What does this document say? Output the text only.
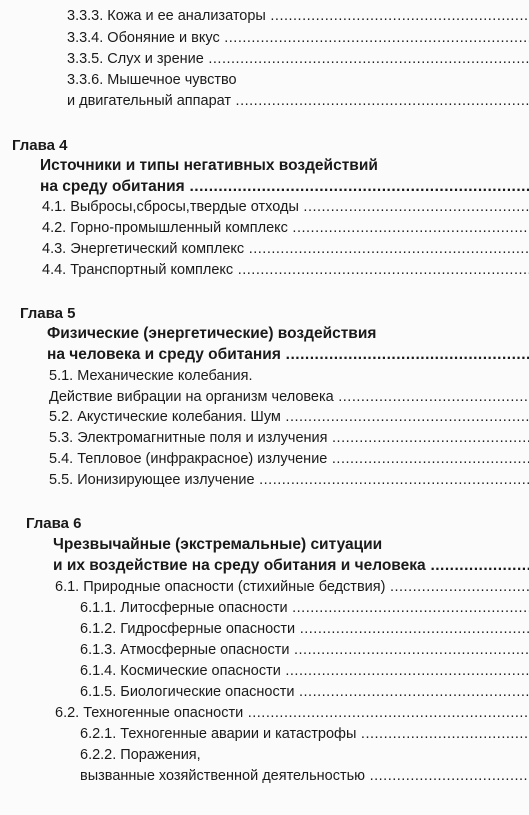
3.3.3. Кожа и ее анализаторы .....
3.3.4. Обоняние и вкус .....
3.3.5. Слух и зрение .....
3.3.6. Мышечное чувство
и двигательный аппарат .....
Глава 4
Источники и типы негативных воздействий
на среду обитания .....
4.1. Выбросы,сбросы,твердые отходы .....
4.2. Горно-промышленный комплекс .....
4.3. Энергетический комплекс .....
4.4. Транспортный комплекс .....
Глава 5
Физические (энергетические) воздействия
на человека и среду обитания .....
5.1. Механические колебания.
Действие вибрации на организм человека .....
5.2. Акустические колебания. Шум .....
5.3. Электромагнитные поля и излучения .....
5.4. Тепловое (инфракрасное) излучение .....
5.5. Ионизирующее излучение .....
Глава 6
Чрезвычайные (экстремальные) ситуации
и их воздействие на среду обитания и человека .....
6.1. Природные опасности (стихийные бедствия) .....
6.1.1. Литосферные опасности .....
6.1.2. Гидросферные опасности .....
6.1.3. Атмосферные опасности .....
6.1.4. Космические опасности .....
6.1.5. Биологические опасности .....
6.2. Техногенные опасности .....
6.2.1. Техногенные аварии и катастрофы .....
6.2.2. Поражения,
вызванные хозяйственной деятельностью .....
